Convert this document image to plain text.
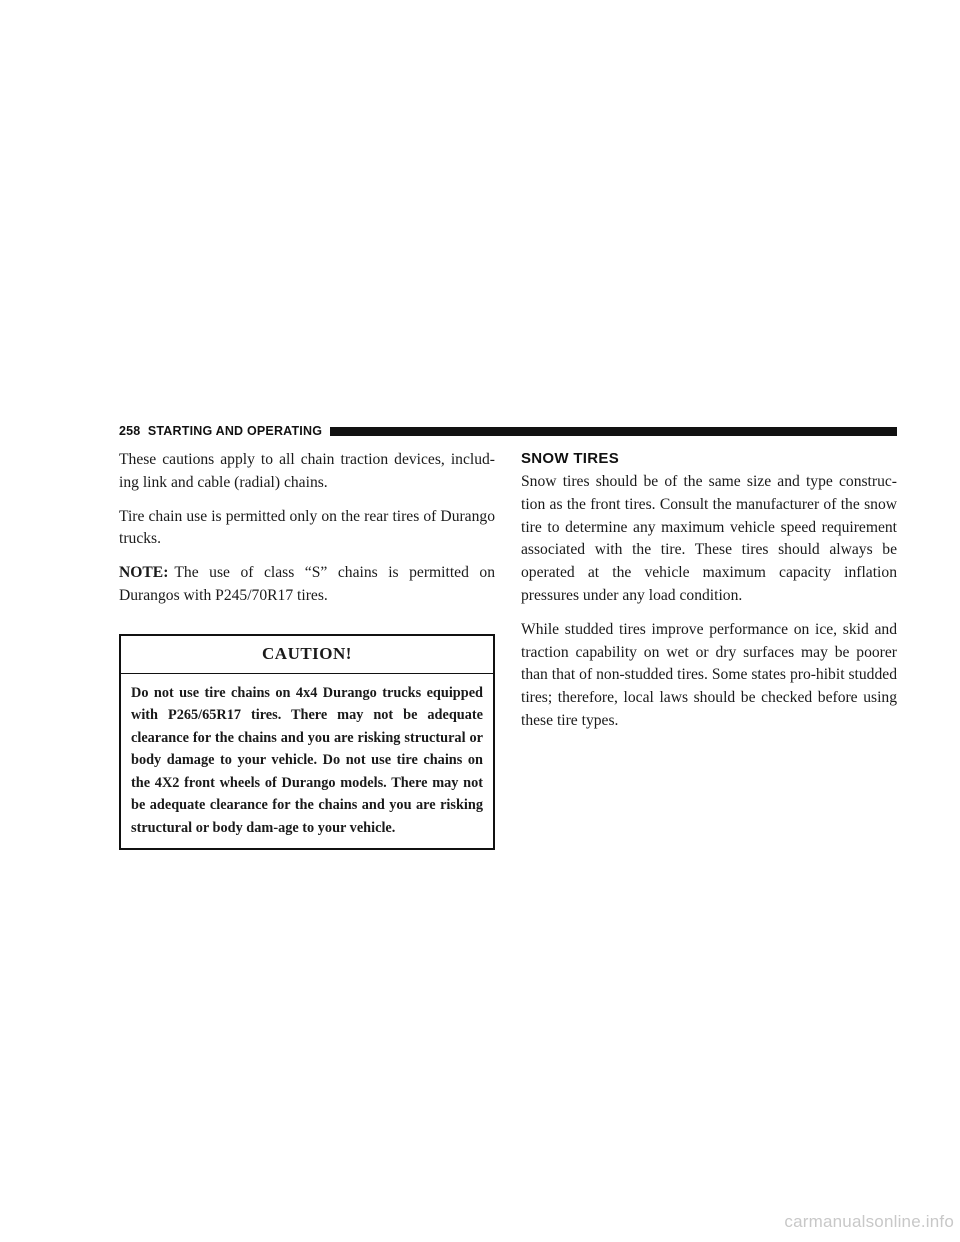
258 STARTING AND OPERATING

These cautions apply to all chain traction devices, includ-ing link and cable (radial) chains.

Tire chain use is permitted only on the rear tires of Durango trucks.

NOTE: The use of class “S” chains is permitted on Durangos with P245/70R17 tires.

CAUTION!
Do not use tire chains on 4x4 Durango trucks equipped with P265/65R17 tires. There may not be adequate clearance for the chains and you are risking structural or body damage to your vehicle. Do not use tire chains on the 4X2 front wheels of Durango models. There may not be adequate clearance for the chains and you are risking structural or body dam-age to your vehicle.
SNOW TIRES

Snow tires should be of the same size and type construc-tion as the front tires. Consult the manufacturer of the snow tire to determine any maximum vehicle speed requirement associated with the tire. These tires should always be operated at the vehicle maximum capacity inflation pressures under any load condition.

While studded tires improve performance on ice, skid and traction capability on wet or dry surfaces may be poorer than that of non-studded tires. Some states pro-hibit studded tires; therefore, local laws should be checked before using these tire types.

carmanualsonline.info
